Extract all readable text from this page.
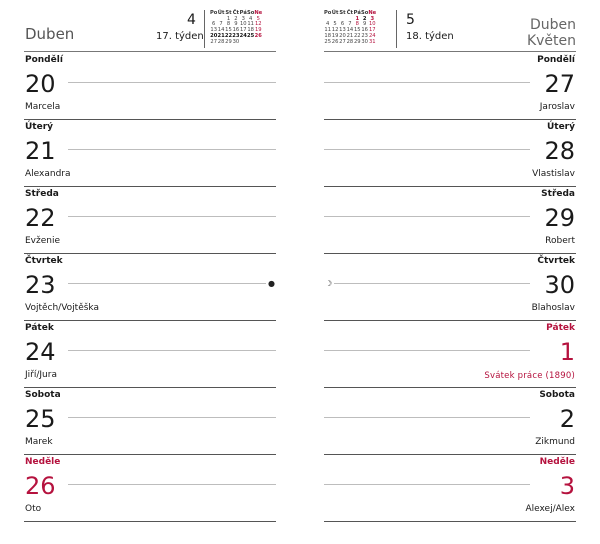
Duben
4
17. týden
Po	Út	St	Čt	Pá	So	Ne
		1	2	3	4	5
6	7	8	9	10	11	12
13	14	15	16	17	18	19
20	21	22	23	24	25	26
27	28	29	30			
Pondělí
20
Marcela
Úterý
21
Alexandra
Středa
22
Evženie
Čtvrtek
23	●
Vojtěch/Vojtěška
Pátek
24
Jiří/Jura
Sobota
25
Marek
Neděle
26
Oto
Po	Út	St	Čt	Pá	So	Ne
				1	2	3
4	5	6	7	8	9	10
11	12	13	14	15	16	17
18	19	20	21	22	23	24
25	26	27	28	29	30	31
5
18. týden
Duben
Květen
Pondělí
27
Jaroslav
Úterý
28
Vlastislav
Středa
29
Robert
Čtvrtek
30
☽
Blahoslav
Pátek
1
Svátek práce (1890)
Sobota
2
Zikmund
Neděle
3
Alexej/Alex
